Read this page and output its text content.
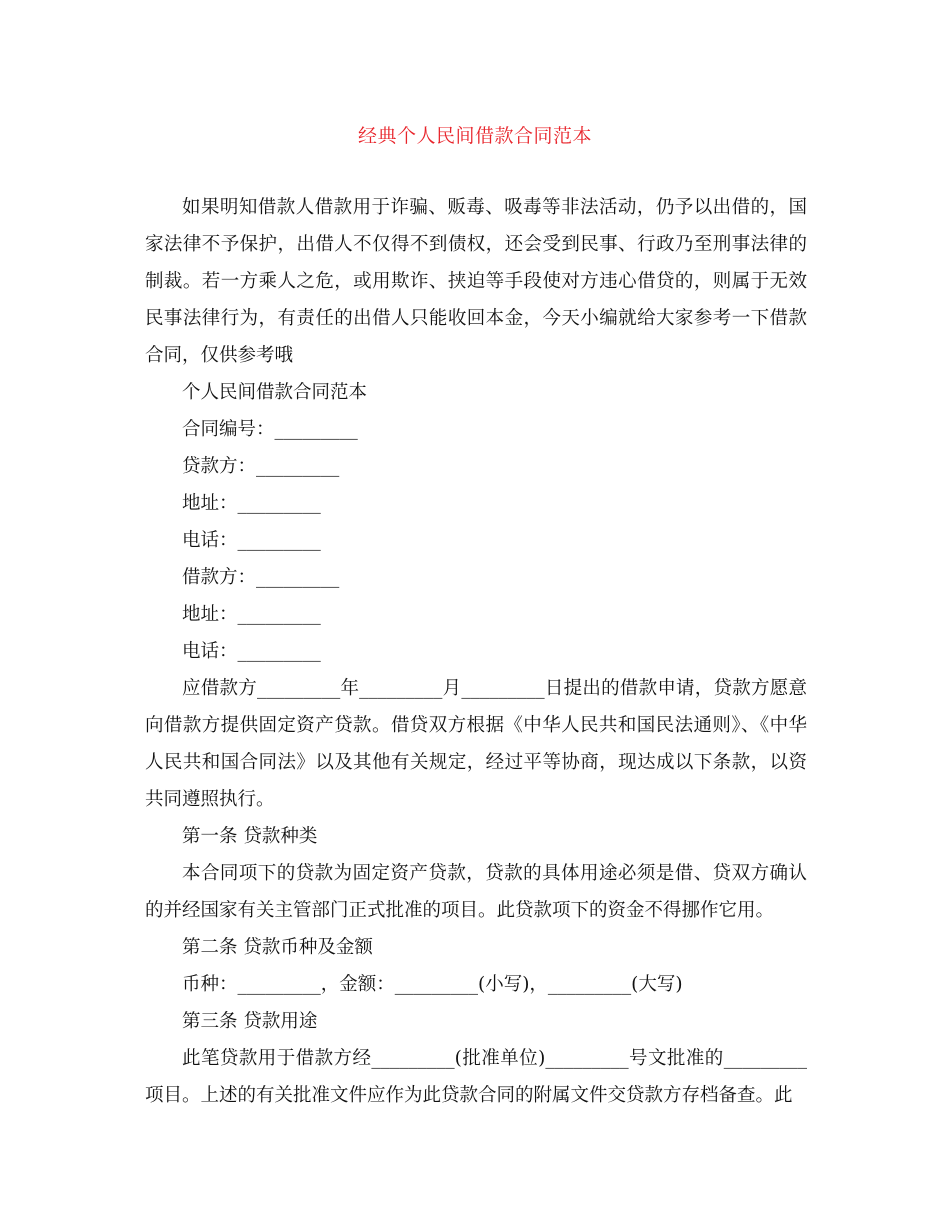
经典个人民间借款合同范本

如果明知借款人借款用于诈骗、贩毒、吸毒等非法活动，仍予以出借的，国家法律不予保护，出借人不仅得不到债权，还会受到民事、行政乃至刑事法律的制裁。若一方乘人之危，或用欺诈、挟迫等手段使对方违心借贷的，则属于无效民事法律行为，有责任的出借人只能收回本金，今天小编就给大家参考一下借款合同，仅供参考哦

个人民间借款合同范本

合同编号：_________

贷款方：_________

地址：_________

电话：_________

借款方：_________

地址：_________

电话：_________

应借款方_________年_________月_________日提出的借款申请，贷款方愿意向借款方提供固定资产贷款。借贷双方根据《中华人民共和国民法通则》、《中华人民共和国合同法》以及其他有关规定，经过平等协商，现达成以下条款，以资共同遵照执行。

第一条 贷款种类

本合同项下的贷款为固定资产贷款，贷款的具体用途必须是借、贷双方确认的并经国家有关主管部门正式批准的项目。此贷款项下的资金不得挪作它用。

第二条 贷款币种及金额

币种：_________，金额：_________(小写)，_________(大写)

第三条 贷款用途

此笔贷款用于借款方经_________(批准单位)_________号文批准的_________项目。上述的有关批准文件应作为此贷款合同的附属文件交贷款方存档备查。此
